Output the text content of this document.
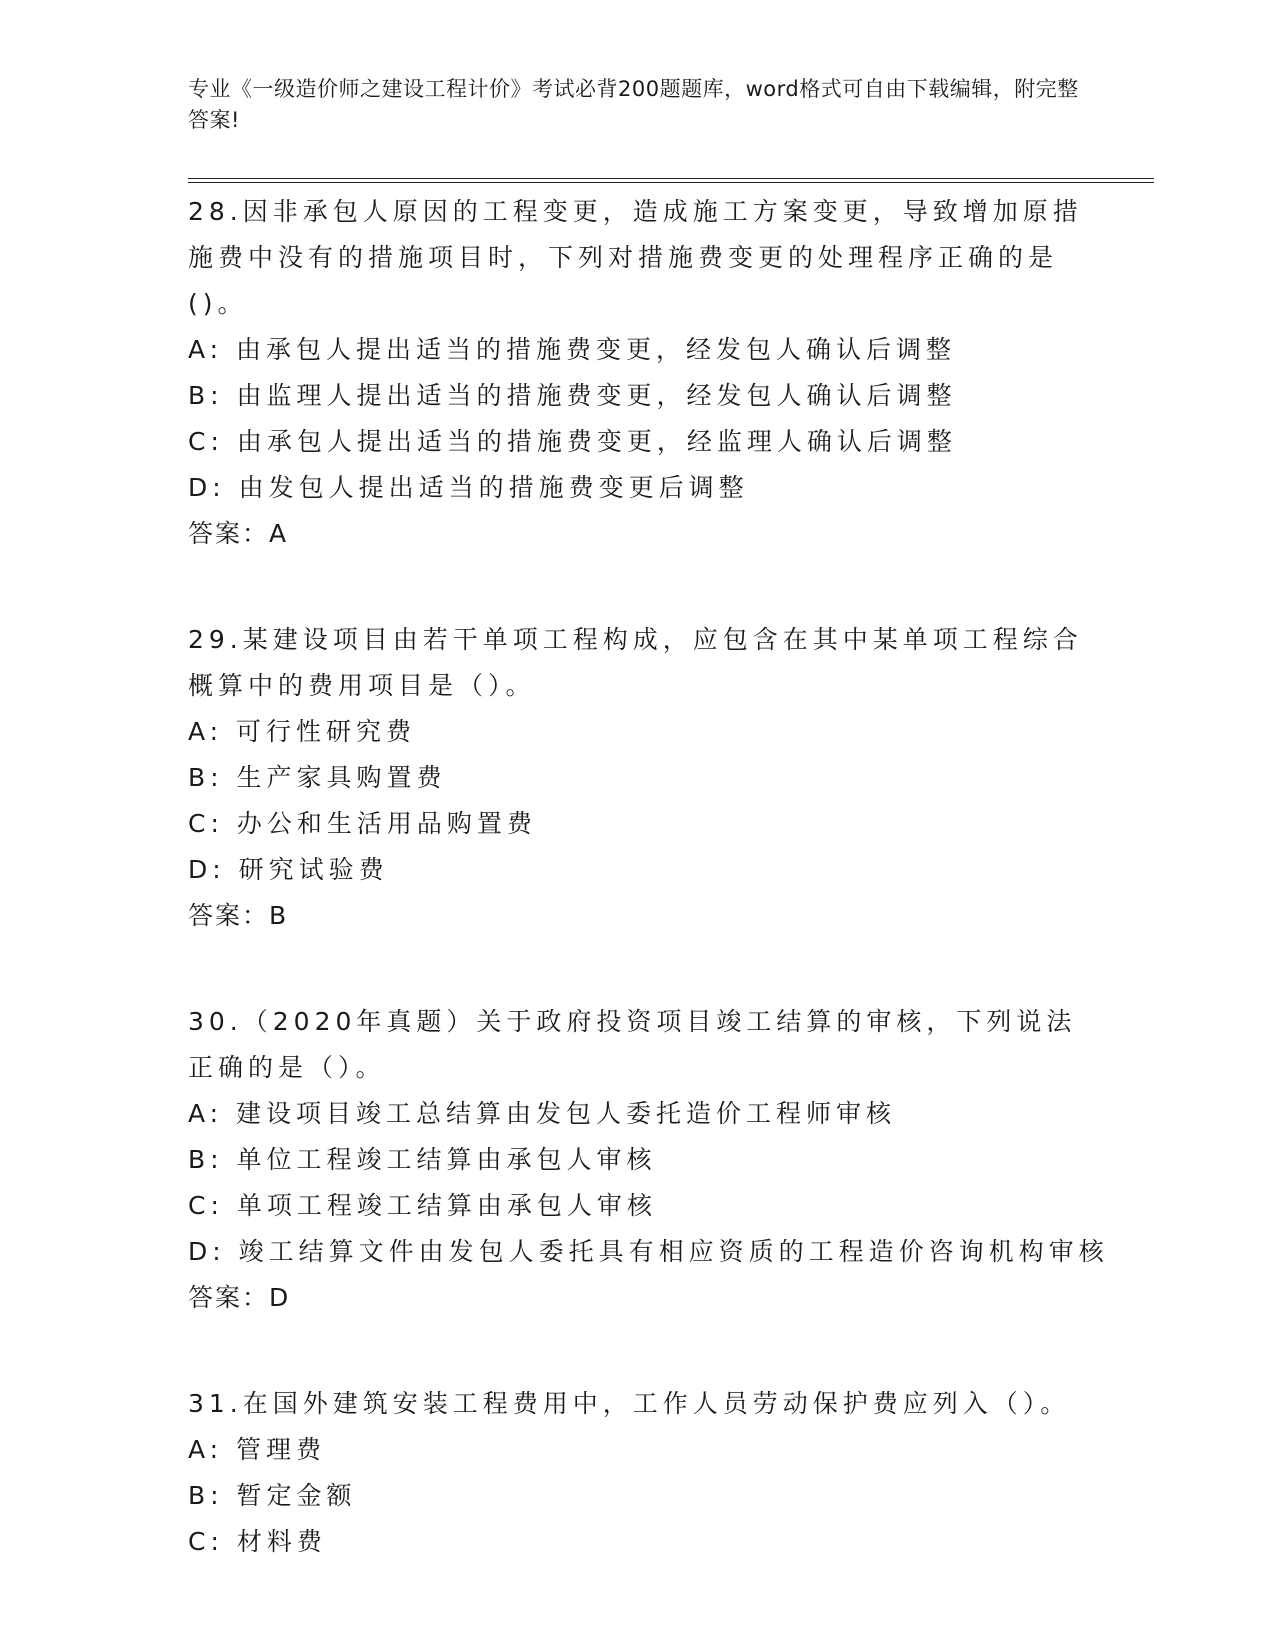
专业《一级造价师之建设工程计价》考试必背200题题库，word格式可自由下载编辑，附完整答案!
28.因非承包人原因的工程变更，造成施工方案变更，导致增加原措施费中没有的措施项目时，下列对措施费变更的处理程序正确的是()。
A: 由承包人提出适当的措施费变更，经发包人确认后调整
B: 由监理人提出适当的措施费变更，经发包人确认后调整
C: 由承包人提出适当的措施费变更，经监理人确认后调整
D: 由发包人提出适当的措施费变更后调整
答案：A
29.某建设项目由若干单项工程构成，应包含在其中某单项工程综合概算中的费用项目是（）。
A: 可行性研究费
B: 生产家具购置费
C: 办公和生活用品购置费
D: 研究试验费
答案：B
30.（2020年真题）关于政府投资项目竣工结算的审核，下列说法正确的是（）。
A: 建设项目竣工总结算由发包人委托造价工程师审核
B: 单位工程竣工结算由承包人审核
C: 单项工程竣工结算由承包人审核
D: 竣工结算文件由发包人委托具有相应资质的工程造价咨询机构审核
答案：D
31.在国外建筑安装工程费用中，工作人员劳动保护费应列入（）。
A: 管理费
B: 暂定金额
C: 材料费
